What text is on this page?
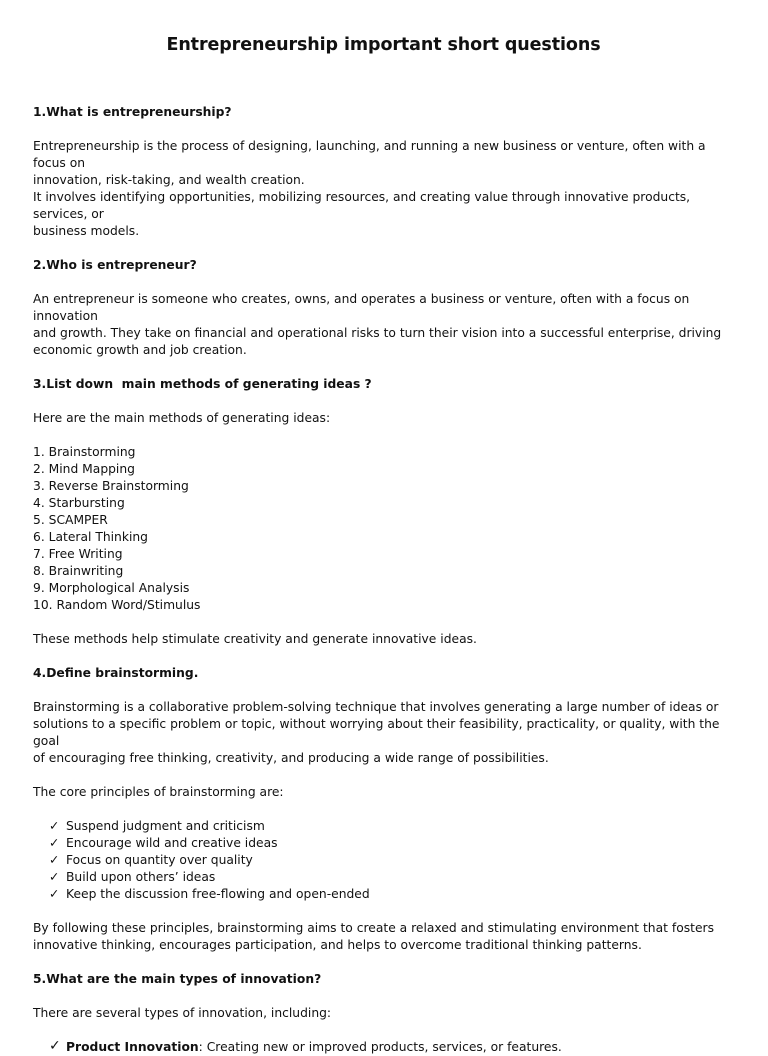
Entrepreneurship important short questions
1.What is entrepreneurship?
Entrepreneurship is the process of designing, launching, and running a new business or venture, often with a focus on
innovation, risk-taking, and wealth creation.
It involves identifying opportunities, mobilizing resources, and creating value through innovative products, services, or
business models.
2.Who is entrepreneur?
An entrepreneur is someone who creates, owns, and operates a business or venture, often with a focus on innovation
and growth. They take on financial and operational risks to turn their vision into a successful enterprise, driving
economic growth and job creation.
3.List down  main methods of generating ideas ?
Here are the main methods of generating ideas:
1. Brainstorming
2. Mind Mapping
3. Reverse Brainstorming
4. Starbursting
5. SCAMPER
6. Lateral Thinking
7. Free Writing
8. Brainwriting
9. Morphological Analysis
10. Random Word/Stimulus
These methods help stimulate creativity and generate innovative ideas.
4.Define brainstorming.
Brainstorming is a collaborative problem-solving technique that involves generating a large number of ideas or
solutions to a specific problem or topic, without worrying about their feasibility, practicality, or quality, with the goal
of encouraging free thinking, creativity, and producing a wide range of possibilities.
The core principles of brainstorming are:
✓ Suspend judgment and criticism
✓ Encourage wild and creative ideas
✓ Focus on quantity over quality
✓ Build upon others’ ideas
✓ Keep the discussion free-flowing and open-ended
By following these principles, brainstorming aims to create a relaxed and stimulating environment that fosters
innovative thinking, encourages participation, and helps to overcome traditional thinking patterns.
5.What are the main types of innovation?
There are several types of innovation, including:
✓ Product Innovation: Creating new or improved products, services, or features.
